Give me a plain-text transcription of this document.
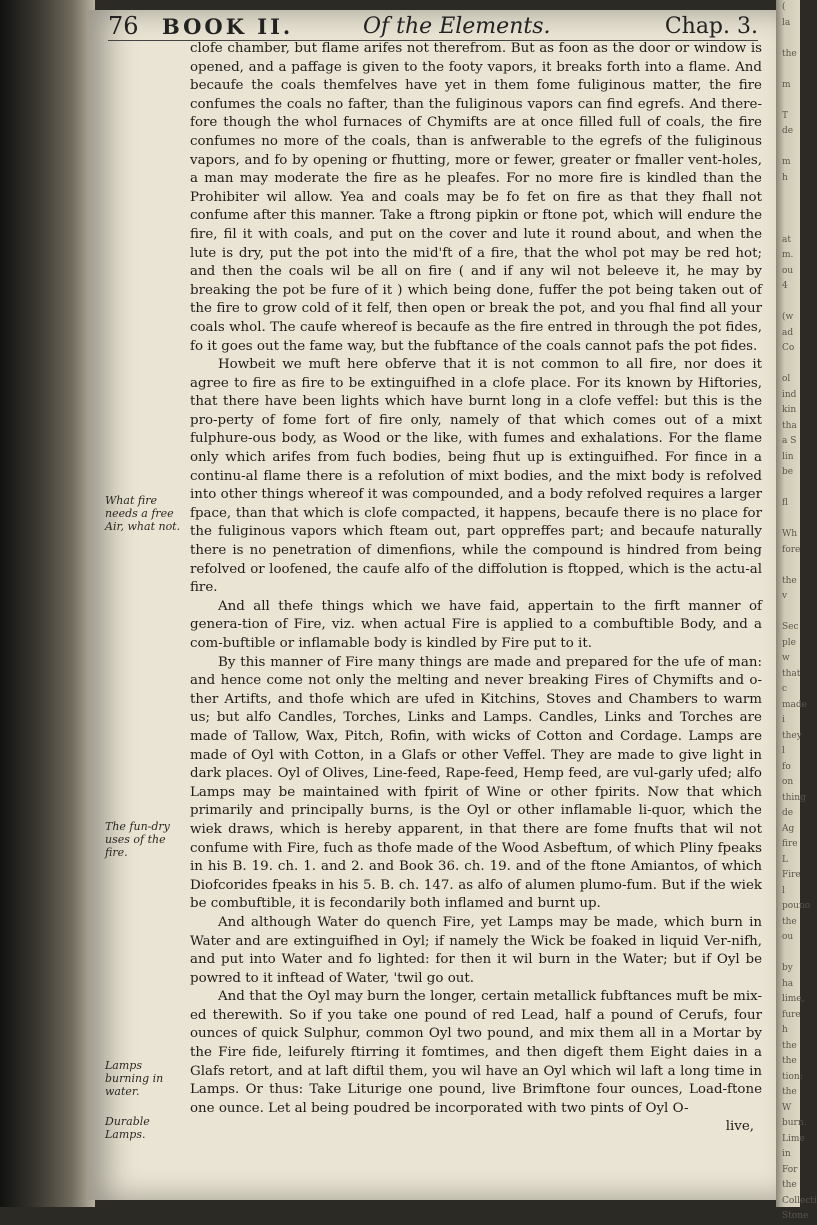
(
la

the

m

T
de

m
h

at
m.
ou
4

(w
ad
Co

ol
ind
kin
tha
a S
lin
be

fl

Wh
fore

the v

Sec
ple w
that c
made i
they l
fo on
thing
de Ag
fire L
Fire l
pouno
the ou

by ha
lime,
fure h
the the
tion:
the W
burn.
Lime in
For the
Collecti
Stone
76 BOOK II.	Of the Elements.	Chap. 3.
What fire needs a free Air, what not.
The fun-dry uses of the fire.
Lamps burning in water.
Durable Lamps.

clofe chamber, but flame arifes not therefrom. But as foon as the door or window is opened, and a paffage is given to the footy vapors, it breaks forth into a flame. And becaufe the coals themfelves have yet in them fome fuliginous matter, the fire confumes the coals no fafter, than the fuliginous vapors can find egrefs. And there-fore though the whol furnaces of Chymifts are at once filled full of coals, the fire confumes no more of the coals, than is anfwerable to the egrefs of the fuliginous vapors, and fo by opening or fhutting, more or fewer, greater or fmaller vent-holes, a man may moderate the fire as he pleafes. For no more fire is kindled than the Prohibiter wil allow. Yea and coals may be fo fet on fire as that they fhall not confume after this manner. Take a ftrong pipkin or ftone pot, which will endure the fire, fil it with coals, and put on the cover and lute it round about, and when the lute is dry, put the pot into the mid'ft of a fire, that the whol pot may be red hot; and then the coals wil be all on fire ( and if any wil not beleeve it, he may by breaking the pot be fure of it ) which being done, fuffer the pot being taken out of the fire to grow cold of it felf, then open or break the pot, and you fhal find all your coals whol. The caufe whereof is becaufe as the fire entred in through the pot fides, fo it goes out the fame way, but the fubftance of the coals cannot pafs the pot fides.

Howbeit we muft here obferve that it is not common to all fire, nor does it agree to fire as fire to be extinguifhed in a clofe place. For its known by Hiftories, that there have been lights which have burnt long in a clofe veffel: but this is the pro-perty of fome fort of fire only, namely of that which comes out of a mixt fulphure-ous body, as Wood or the like, with fumes and exhalations. For the flame only which arifes from fuch bodies, being fhut up is extinguifhed. For fince in a continu-al flame there is a refolution of mixt bodies, and the mixt body is refolved into other things whereof it was compounded, and a body refolved requires a larger fpace, than that which is clofe compacted, it happens, becaufe there is no place for the fuliginous vapors which fteam out, part oppreffes part; and becaufe naturally there is no penetration of dimenfions, while the compound is hindred from being refolved or loofened, the caufe alfo of the diffolution is ftopped, which is the actu-al fire.

And all thefe things which we have faid, appertain to the firft manner of genera-tion of Fire, viz. when actual Fire is applied to a combuftible Body, and a com-buftible or inflamable body is kindled by Fire put to it.

By this manner of Fire many things are made and prepared for the ufe of man: and hence come not only the melting and never breaking Fires of Chymifts and o-ther Artifts, and thofe which are ufed in Kitchins, Stoves and Chambers to warm us; but alfo Candles, Torches, Links and Lamps. Candles, Links and Torches are made of Tallow, Wax, Pitch, Rofin, with wicks of Cotton and Cordage. Lamps are made of Oyl with Cotton, in a Glafs or other Veffel. They are made to give light in dark places. Oyl of Olives, Line-feed, Rape-feed, Hemp feed, are vul-garly ufed; alfo Lamps may be maintained with fpirit of Wine or other fpirits. Now that which primarily and principally burns, is the Oyl or other inflamable li-quor, which the wiek draws, which is hereby apparent, in that there are fome fnufts that wil not confume with Fire, fuch as thofe made of the Wood Asbeftum, of which Pliny fpeaks in his B. 19. ch. 1. and 2. and Book 36. ch. 19. and of the ftone Amiantos, of which Diofcorides fpeaks in his 5. B. ch. 147. as alfo of alumen plumo-fum. But if the wiek be combuftible, it is fecondarily both inflamed and burnt up.

And although Water do quench Fire, yet Lamps may be made, which burn in Water and are extinguifhed in Oyl; if namely the Wick be foaked in liquid Ver-nifh, and put into Water and fo lighted: for then it wil burn in the Water; but if Oyl be powred to it inftead of Water, 'twil go out.

And that the Oyl may burn the longer, certain metallick fubftances muft be mix-ed therewith. So if you take one pound of red Lead, half a pound of Cerufs, four ounces of quick Sulphur, common Oyl two pound, and mix them all in a Mortar by the Fire fide, leifurely ftirring it fomtimes, and then digeft them Eight daies in a Glafs retort, and at laft diftil them, you wil have an Oyl which wil laft a long time in Lamps. Or thus: Take Liturige one pound, live Brimftone four ounces, Load-ftone one ounce. Let al being poudred be incorporated with two pints of Oyl O-

live,
